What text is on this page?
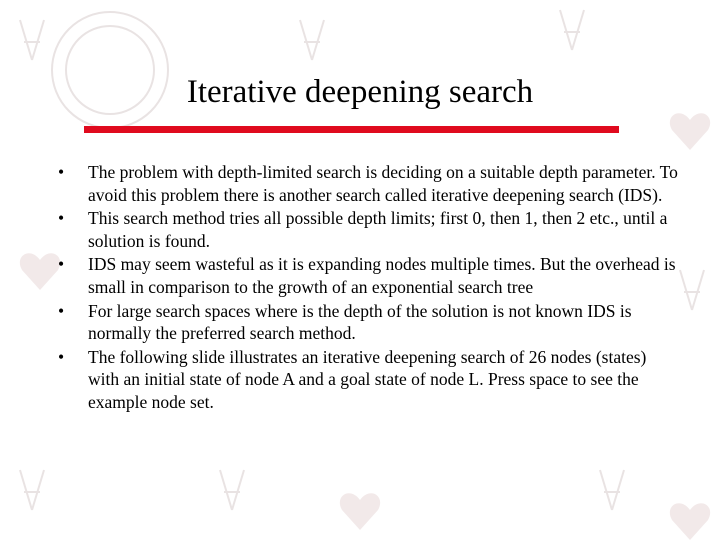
Iterative deepening search
•	The problem with depth-limited search is deciding on a suitable depth parameter. To avoid this problem there is another search called iterative deepening search (IDS).
•	This search method tries all possible depth limits; first 0, then 1, then 2 etc., until a solution is found.
•	IDS may seem wasteful as it is expanding nodes multiple times. But the overhead is small in comparison to the growth of an exponential search tree
•	For large search spaces where is the depth of the solution is not known IDS is normally the preferred search method.
•	The following slide illustrates an iterative deepening search of 26 nodes (states) with an initial state of node A and a goal state of node L. Press space to see the example node set.
